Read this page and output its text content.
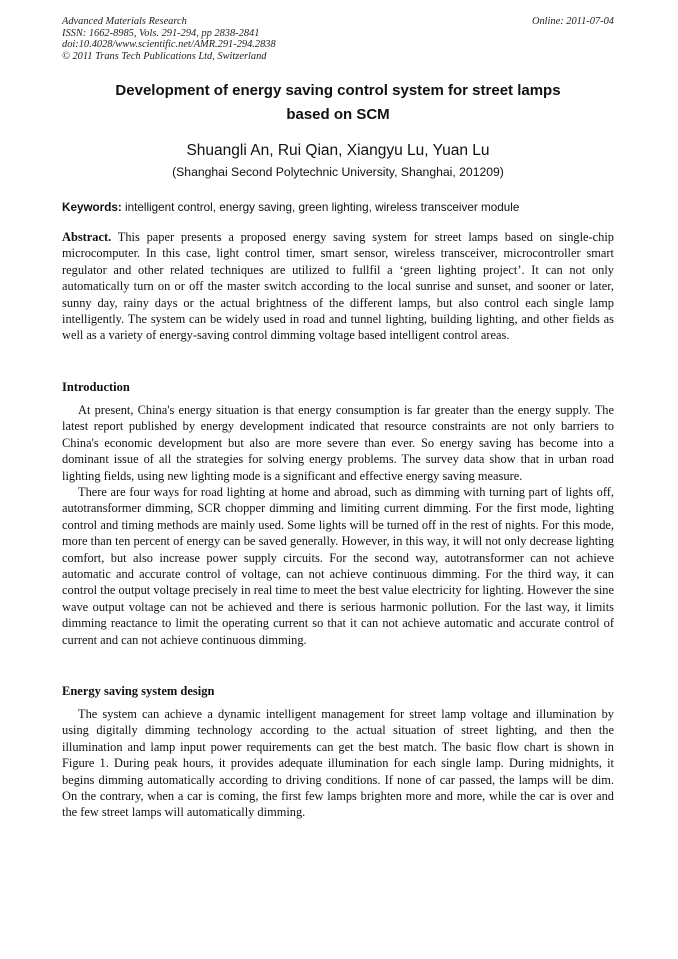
Advanced Materials Research
ISSN: 1662-8985, Vols. 291-294, pp 2838-2841
doi:10.4028/www.scientific.net/AMR.291-294.2838
© 2011 Trans Tech Publications Ltd, Switzerland
Online: 2011-07-04
Development of energy saving control system for street lamps
based on SCM
Shuangli An, Rui Qian, Xiangyu Lu, Yuan Lu
(Shanghai Second Polytechnic University, Shanghai, 201209)
Keywords: intelligent control, energy saving, green lighting, wireless transceiver module

Abstract. This paper presents a proposed energy saving system for street lamps based on single-chip microcomputer. In this case, light control timer, smart sensor, wireless transceiver, microcontroller smart regulator and other related techniques are utilized to fullfil a ‘green lighting project’. It can not only automatically turn on or off the master switch according to the local sunrise and sunset, and sooner or later, sunny day, rainy days or the actual brightness of the different lamps, but also control each single lamp intelligently. The system can be widely used in road and tunnel lighting, building lighting, and other fields as well as a variety of energy-saving control dimming voltage based intelligent control areas.

Introduction

At present, China's energy situation is that energy consumption is far greater than the energy supply. The latest report published by energy development indicated that resource constraints are not only barriers to China's economic development but also are more severe than ever. So energy saving has become into a dominant issue of all the strategies for solving energy problems. The survey data show that in urban road lighting fields, using new lighting mode is a significant and effective energy saving measure.

There are four ways for road lighting at home and abroad, such as dimming with turning part of lights off, autotransformer dimming, SCR chopper dimming and limiting current dimming. For the first mode, lighting control and timing methods are mainly used. Some lights will be turned off in the rest of nights. For this mode, more than ten percent of energy can be saved generally. However, in this way, it will not only decrease lighting comfort, but also increase power supply circuits. For the second way, autotransformer can not achieve automatic and accurate control of voltage, can not achieve continuous dimming. For the third way, it can control the output voltage precisely in real time to meet the best value electricity for lighting. However the sine wave output voltage can not be achieved and there is serious harmonic pollution. For the last way, it limits dimming reactance to limit the operating current so that it can not achieve automatic and accurate control of current and can not achieve continuous dimming.

Energy saving system design

The system can achieve a dynamic intelligent management for street lamp voltage and illumination by using digitally dimming technology according to the actual situation of street lighting, and then the illumination and lamp input power requirements can get the best match. The basic flow chart is shown in Figure 1. During peak hours, it provides adequate illumination for each single lamp. During midnights, it begins dimming automatically according to driving conditions. If none of car passed, the lamps will be dim. On the contrary, when a car is coming, the first few lamps brighten more and more, while the car is over and the few street lamps will automatically dimming.
